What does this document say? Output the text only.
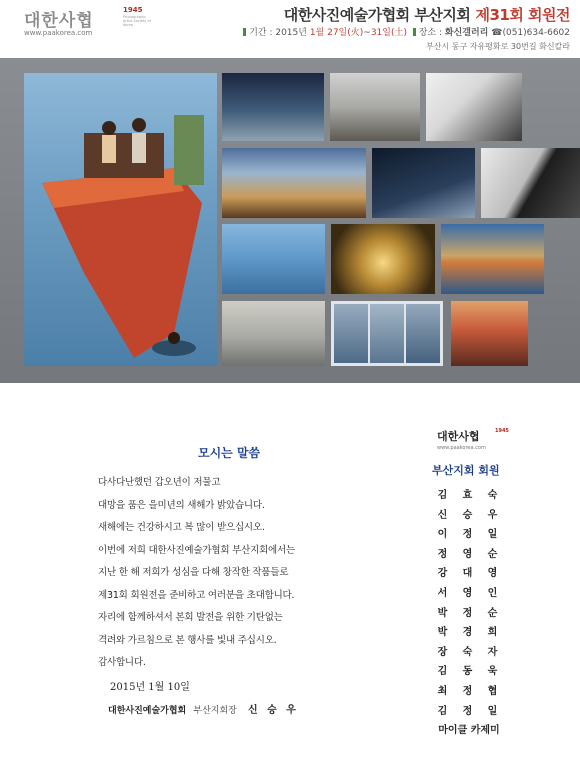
대한사협
1945
Photographic Artist Society of Korea
www.paakorea.com
대한사진예술가협회 부산지회 제31회 회원전
기간 : 2015년 1월 27일(火)~31일(土) 장소 : 화신갤러리 ☎(051)634-6602
부산시 동구 자유평화로 30번길 화신칼라
모시는 말씀

다사다난했던 갑오년이 저물고

대망을 품은 을미년의 새해가 밝았습니다.

새해에는 건강하시고 복 많이 받으십시오.

이번에 저희 대한사진예술가협회 부산지회에서는

지난 한 해 저희가 성심을 다해 창작한 작품들로

제31회 회원전을 준비하고 여러분을 초대합니다.

자리에 함께하셔서 본회 발전을 위한 기탄없는

격려와 가르침으로 본 행사를 빛내 주십시오.

감사합니다.

2015년 1월 10일
대한사진예술가협회 부산지회장 신 승 우
대한사협	1945
www.paakorea.com
부산지회 회원
김 효 숙
신 승 우
이 정 일
정 영 순
강 대 영
서 영 인
박 정 순
박 경 희
장 숙 자
김 동 욱
최 정 협
김 정 일
마이클 카제미
